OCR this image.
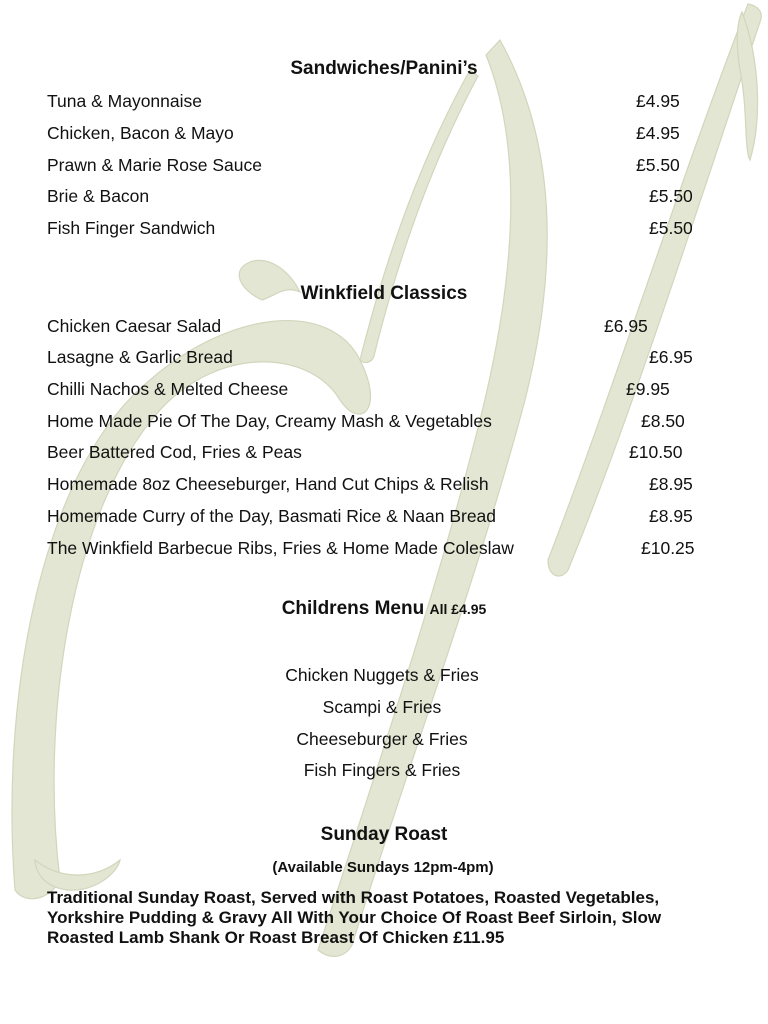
Sandwiches/Panini’s
Tuna & Mayonnaise	£4.95
Chicken, Bacon & Mayo	£4.95
Prawn & Marie Rose Sauce	£5.50
Brie & Bacon	£5.50
Fish Finger Sandwich	£5.50
Winkfield Classics
Chicken Caesar Salad	£6.95
Lasagne & Garlic Bread	£6.95
Chilli Nachos & Melted Cheese	£9.95
Home Made Pie Of The Day, Creamy Mash & Vegetables	£8.50
Beer Battered Cod, Fries & Peas	£10.50
Homemade 8oz Cheeseburger, Hand Cut Chips & Relish	£8.95
Homemade Curry of the Day, Basmati Rice & Naan Bread	£8.95
The Winkfield Barbecue Ribs, Fries & Home Made Coleslaw	£10.25
Childrens Menu All £4.95
Chicken Nuggets & Fries
Scampi & Fries
Cheeseburger & Fries
Fish Fingers & Fries
Sunday Roast
(Available Sundays 12pm-4pm)
Traditional Sunday Roast, Served with Roast Potatoes, Roasted Vegetables,
Yorkshire Pudding & Gravy All With Your Choice Of Roast Beef Sirloin, Slow
Roasted Lamb Shank Or Roast Breast Of Chicken £11.95
